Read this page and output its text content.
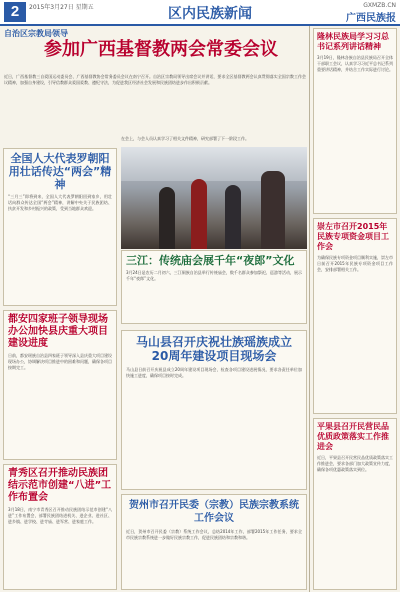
2	2015年3月27日 星期五	区内民族新闻
GXMZB.CN
广西民族报
自治区宗教局领导
参加广西基督教两会常委会议
近日，广西基督教三自爱国运动委员会、广西基督教协会常务委员会议在南宁召开。自治区宗教局领导出席会议并讲话，要求全区基督教两会认真贯彻落实全国宗教工作会议精神，加强自身建设，引导信教群众爱国爱教、遵纪守法，为促进我区经济社会发展和民族团结进步作出积极贡献。
全国人大代表罗朝阳用壮话传达“两会”精神
“三月三”即将到来，全国人大代表罗朝阳回到家乡，用壮话向群众传达全国“两会”精神，讲解中央关于民族团结、扶贫开发和乡村振兴的政策，受到当地群众欢迎。
都安四家班子领导现场办公加快县庆重大项目建设进度
日前，都安瑶族自治县四家班子领导深入县庆重大项目建设现场办公，协调解决项目推进中的困难和问题，确保各项目按期完工。
青秀区召开推动民族团结示范市创建“八进”工作布置会
3月18日，南宁市青秀区召开推动民族团结示范市创建“八进”工作布置会，部署民族团结进机关、进企业、进社区、进乡镇、进学校、进寺庙、进军营、进家庭工作。
在会上，与会人员认真学习了相关文件精神，研究部署了下一阶段工作。
三江：传统庙会展千年“夜郎”文化
3月24日是农历二月初六，三江侗族自治县举行传统庙会，数千名群众参加祭祀、巡游等活动，展示千年“夜郎”文化。
马山县召开庆祝壮族瑶族成立20周年建设项目现场会
马山县日前召开庆祝县成立20周年建设项目现场会，检查各项目建设进展情况，要求各责任单位加快施工进度，确保项目按时完成。
贺州市召开民委（宗教）民族宗教系统工作会议
近日，贺州市召开民委（宗教）系统工作会议，总结2014年工作，部署2015年工作任务，要求全市民族宗教系统进一步做好民族宗教工作，促进民族团结和宗教和谐。
隆林民族局学习习总书记系列讲话精神
3月19日，隆林各族自治县民族局召开全体干部职工会议，认真学习习近平总书记系列重要讲话精神，并结合工作实际进行讨论。
崇左市召开2015年民族专项资金项目工作会
为确保民族专项资金项目顺利实施，崇左市日前召开2015年民族专项资金项目工作会，安排部署相关工作。
平果县召开民营民品优质政策落实工作推进会
近日，平果县召开民营民品优质政策落实工作推进会，要求各部门加大政策宣传力度，确保各项优惠政策落实到位。
